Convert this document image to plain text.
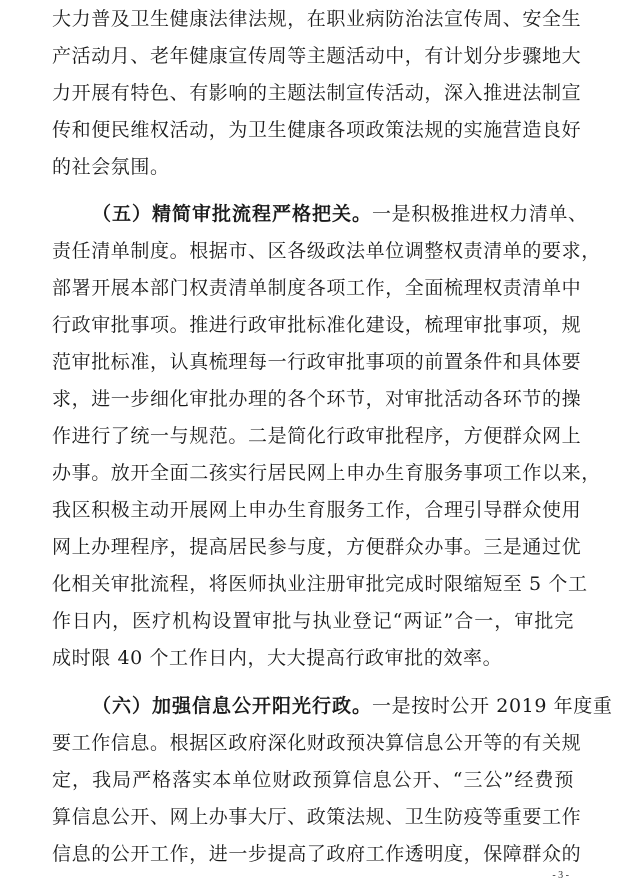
大力普及卫生健康法律法规，在职业病防治法宣传周、安全生
产活动月、老年健康宣传周等主题活动中，有计划分步骤地大
力开展有特色、有影响的主题法制宣传活动，深入推进法制宣
传和便民维权活动，为卫生健康各项政策法规的实施营造良好
的社会氛围。
（五）精简审批流程严格把关。一是积极推进权力清单、
责任清单制度。根据市、区各级政法单位调整权责清单的要求，
部署开展本部门权责清单制度各项工作，全面梳理权责清单中
行政审批事项。推进行政审批标准化建设，梳理审批事项，规
范审批标准，认真梳理每一行政审批事项的前置条件和具体要
求，进一步细化审批办理的各个环节，对审批活动各环节的操
作进行了统一与规范。二是简化行政审批程序，方便群众网上
办事。放开全面二孩实行居民网上申办生育服务事项工作以来，
我区积极主动开展网上申办生育服务工作，合理引导群众使用
网上办理程序，提高居民参与度，方便群众办事。三是通过优
化相关审批流程，将医师执业注册审批完成时限缩短至 5 个工
作日内，医疗机构设置审批与执业登记“两证”合一，审批完
成时限 40 个工作日内，大大提高行政审批的效率。
（六）加强信息公开阳光行政。一是按时公开 2019 年度重
要工作信息。根据区政府深化财政预决算信息公开等的有关规
定，我局严格落实本单位财政预算信息公开、“三公”经费预
算信息公开、网上办事大厅、政策法规、卫生防疫等重要工作
信息的公开工作，进一步提高了政府工作透明度，保障群众的
- 3 -
